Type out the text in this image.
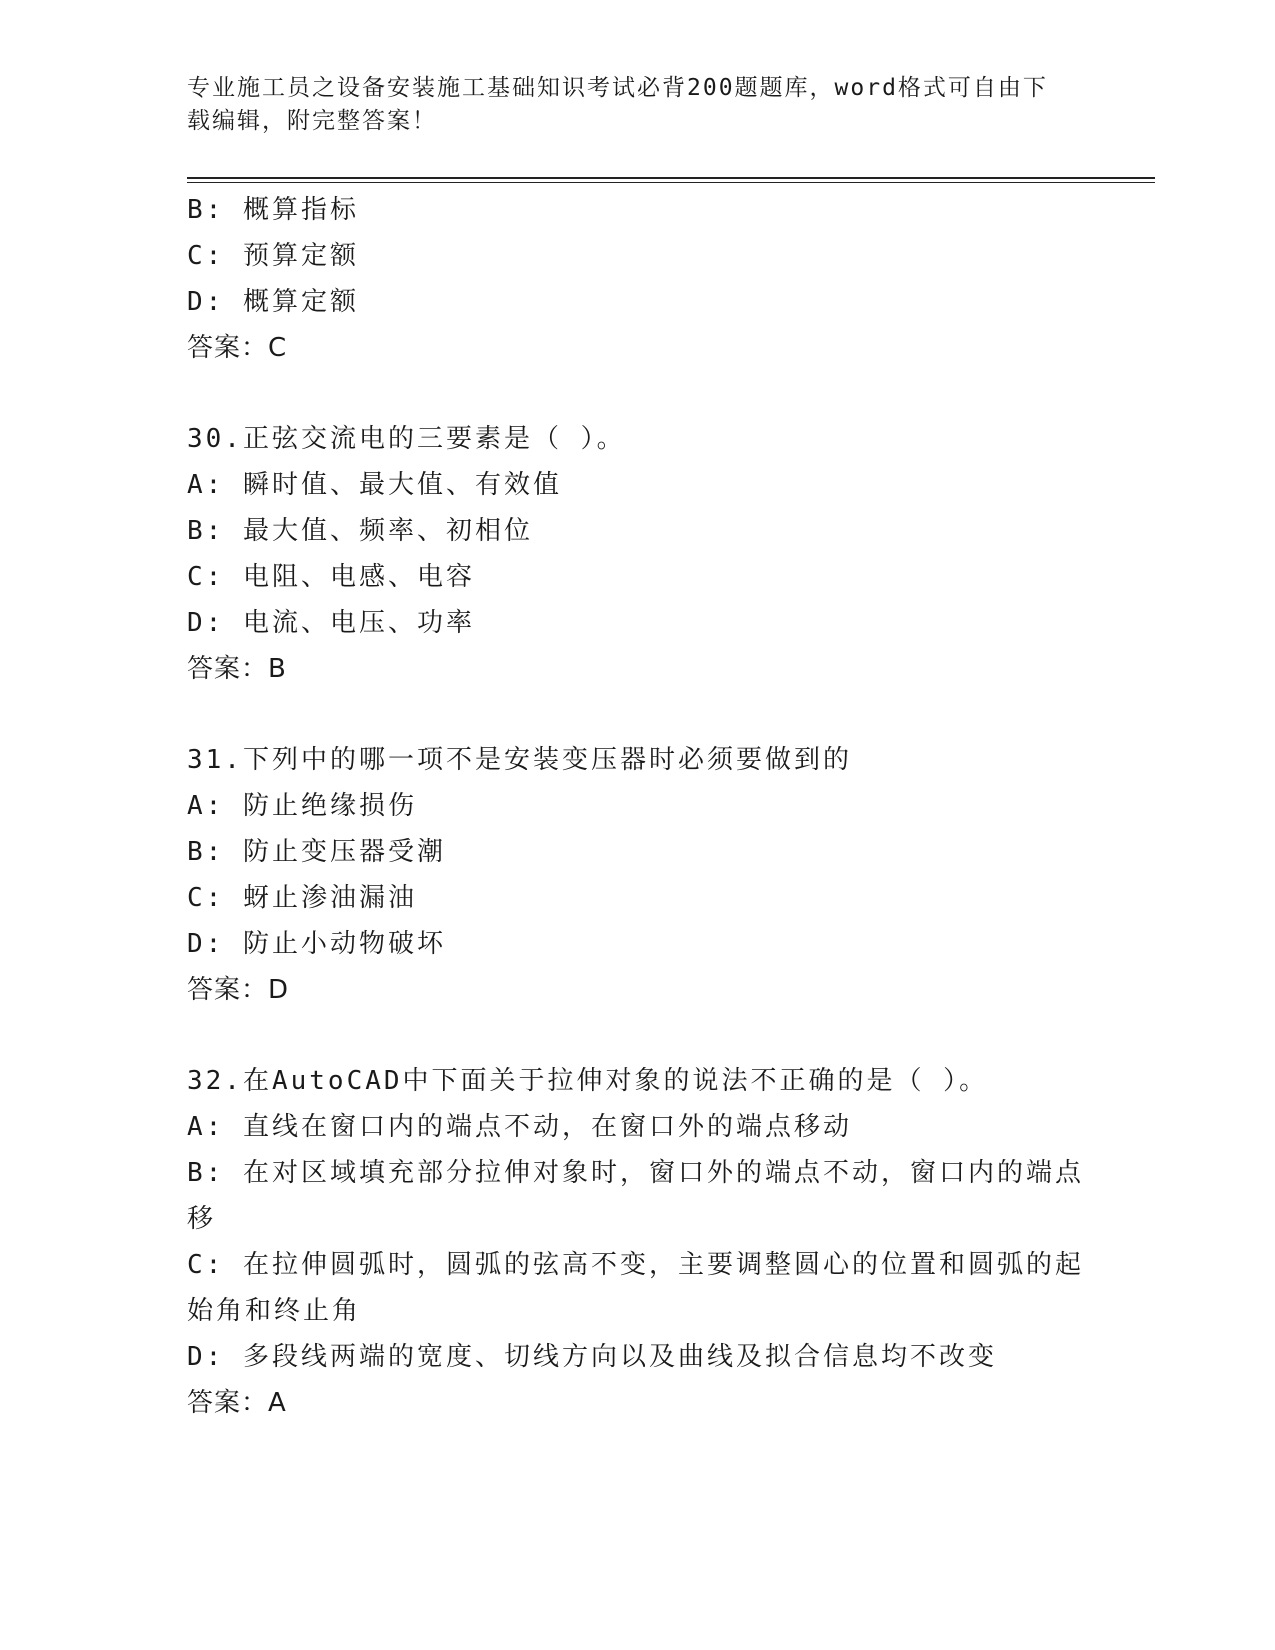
专业施工员之设备安装施工基础知识考试必背200题题库，word格式可自由下载编辑，附完整答案！
B: 概算指标
C: 预算定额
D: 概算定额
答案：C
30.正弦交流电的三要素是（ ）。
A: 瞬时值、最大值、有效值
B: 最大值、频率、初相位
C: 电阻、电感、电容
D: 电流、电压、功率
答案：B
31.下列中的哪一项不是安装变压器时必须要做到的
A: 防止绝缘损伤
B: 防止变压器受潮
C: 蚜止渗油漏油
D: 防止小动物破坏
答案：D
32.在AutoCAD中下面关于拉伸对象的说法不正确的是（ ）。
A: 直线在窗口内的端点不动，在窗口外的端点移动
B: 在对区域填充部分拉伸对象时，窗口外的端点不动，窗口内的端点移
C: 在拉伸圆弧时，圆弧的弦高不变，主要调整圆心的位置和圆弧的起始角和终止角
D: 多段线两端的宽度、切线方向以及曲线及拟合信息均不改变
答案：A
